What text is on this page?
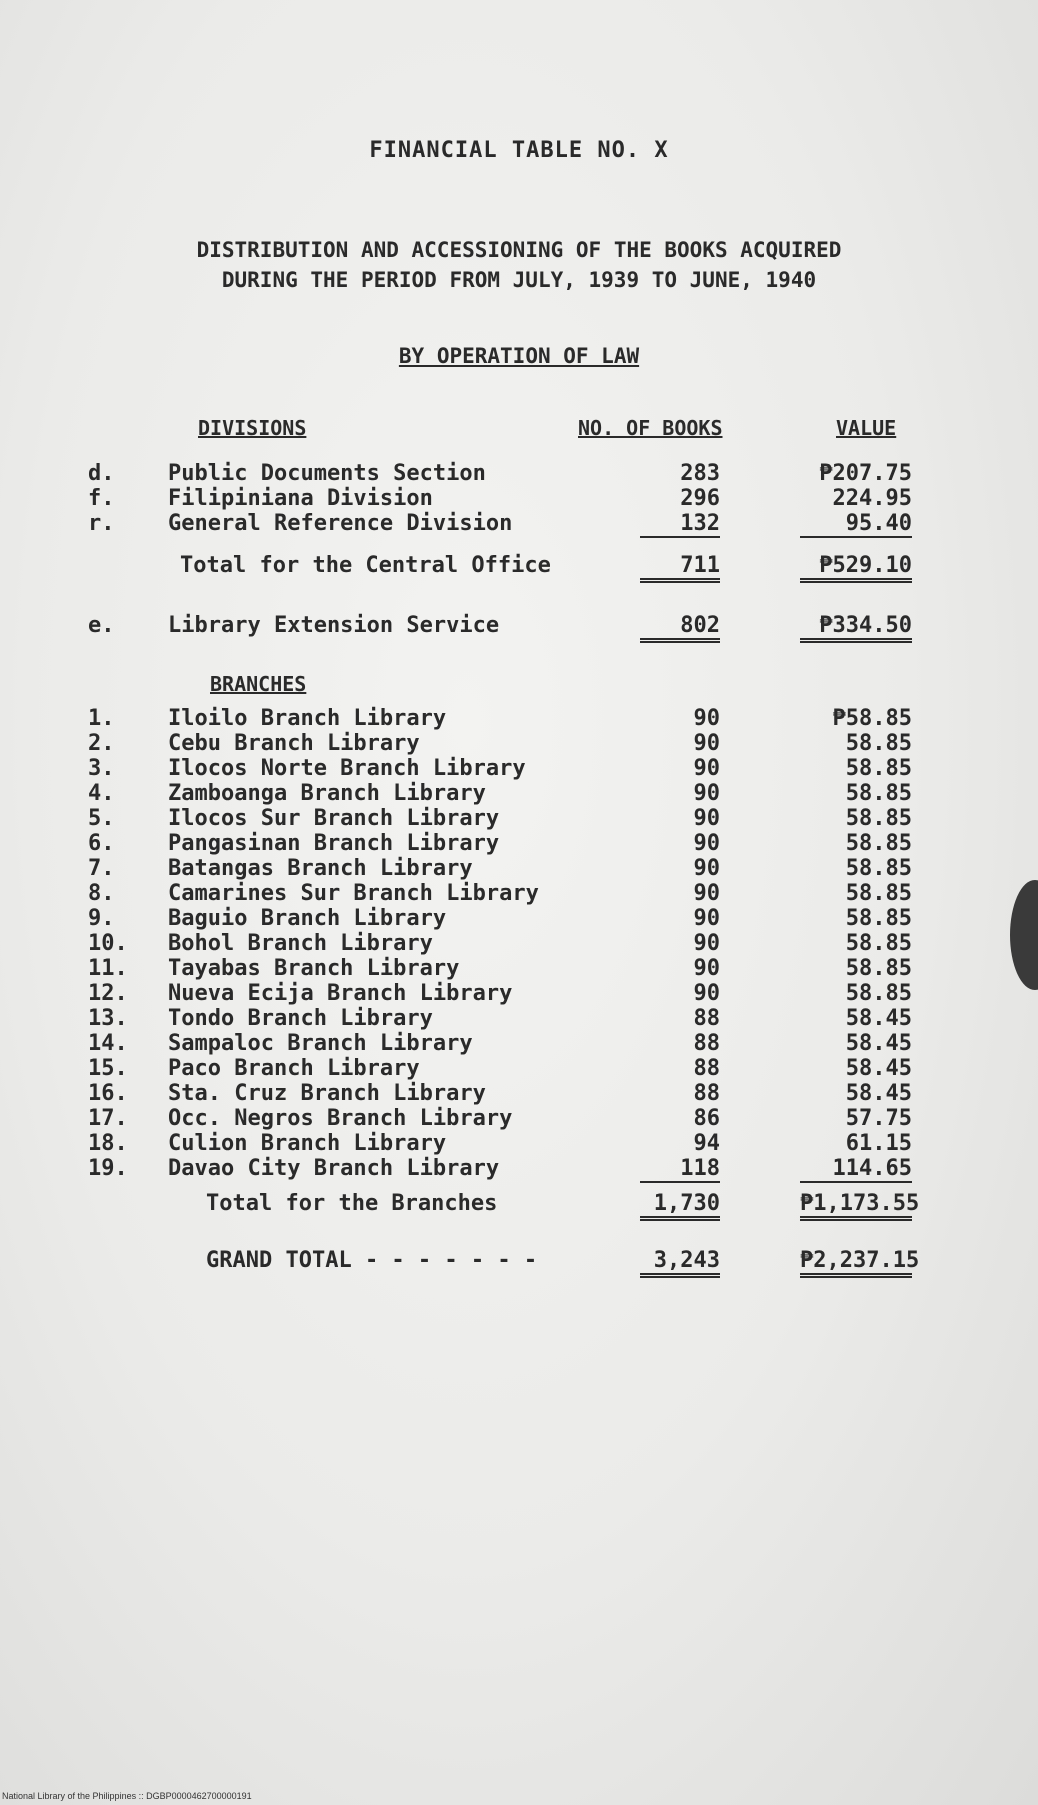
FINANCIAL TABLE NO. X
DISTRIBUTION AND ACCESSIONING OF THE BOOKS ACQUIRED
DURING THE PERIOD FROM JULY, 1939 TO JUNE, 1940
BY OPERATION OF LAW
DIVISIONS	NO. OF BOOKS	VALUE
d.	Public Documents Section	283	₱207.75
f.	Filipiniana Division	296	224.95
r.	General Reference Division	132	95.40
Total for the Central Office	711	₱529.10
e.	Library Extension Service	802	₱334.50
BRANCHES
1.	Iloilo Branch Library	90	₱58.85
2.	Cebu Branch Library	90	58.85
3.	Ilocos Norte Branch Library	90	58.85
4.	Zamboanga Branch Library	90	58.85
5.	Ilocos Sur Branch Library	90	58.85
6.	Pangasinan Branch Library	90	58.85
7.	Batangas Branch Library	90	58.85
8.	Camarines Sur Branch Library	90	58.85
9.	Baguio Branch Library	90	58.85
10.	Bohol Branch Library	90	58.85
11.	Tayabas Branch Library	90	58.85
12.	Nueva Ecija Branch Library	90	58.85
13.	Tondo Branch Library	88	58.45
14.	Sampaloc Branch Library	88	58.45
15.	Paco Branch Library	88	58.45
16.	Sta. Cruz Branch Library	88	58.45
17.	Occ. Negros Branch Library	86	57.75
18.	Culion Branch Library	94	61.15
19.	Davao City Branch Library	118	114.65
Total for the Branches	1,730	₱1,173.55
GRAND TOTAL - - - - - - -	3,243	₱2,237.15
National Library of the Philippines :: DGBP0000462700000191
